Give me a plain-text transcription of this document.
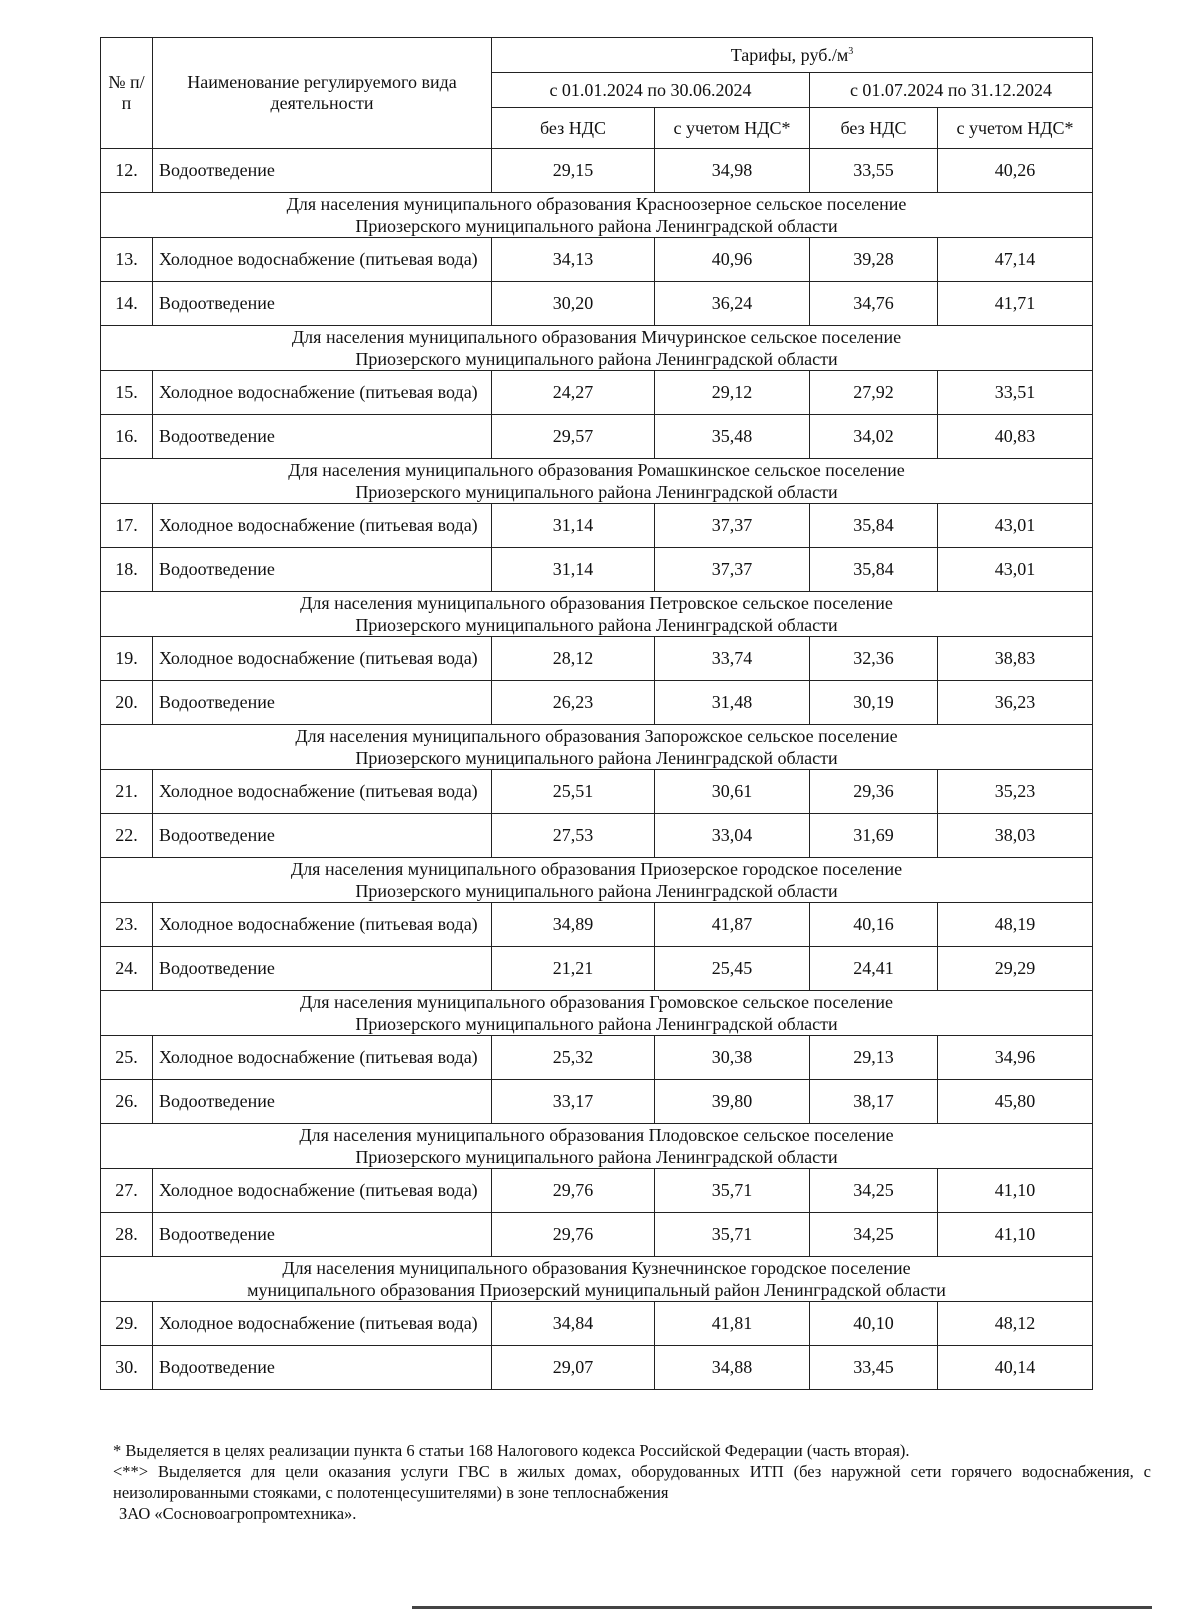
№ п/п	Наименование регулируемого вида деятельности	Тарифы, $руб./м^3$
		с 01.01.2024 по 30.06.2024		с 01.07.2024 по 31.12.2024	
		без НДС	с учетом НДС*	без НДС	с учетом НДС*
12.	Водоотведение	29,15	34,98	33,55	40,26

Для населения муниципального образования Красноозерное сельское поселение
Приозерского муниципального района Ленинградской области					

13.	Холодное водоснабжение (питьевая вода)	34,13	40,96	39,28	47,14
14.	Водоотведение	30,20	36,24	34,76	41,71

Для населения муниципального образования Мичуринское сельское поселение
Приозерского муниципального района Ленинградской области					

15.	Холодное водоснабжение (питьевая вода)	24,27	29,12	27,92	33,51
16.	Водоотведение	29,57	35,48	34,02	40,83

Для населения муниципального образования Ромашкинское сельское поселение
Приозерского муниципального района Ленинградской области					

17.	Холодное водоснабжение (питьевая вода)	31,14	37,37	35,84	43,01
18.	Водоотведение	31,14	37,37	35,84	43,01

Для населения муниципального образования Петровское сельское поселение
Приозерского муниципального района Ленинградской области					

19.	Холодное водоснабжение (питьевая вода)	28,12	33,74	32,36	38,83
20.	Водоотведение	26,23	31,48	30,19	36,23

Для населения муниципального образования Запорожское сельское поселение
Приозерского муниципального района Ленинградской области					

21.	Холодное водоснабжение (питьевая вода)	25,51	30,61	29,36	35,23
22.	Водоотведение	27,53	33,04	31,69	38,03

Для населения муниципального образования Приозерское городское поселение
Приозерского муниципального района Ленинградской области					

23.	Холодное водоснабжение (питьевая вода)	34,89	41,87	40,16	48,19
24.	Водоотведение	21,21	25,45	24,41	29,29

Для населения муниципального образования Громовское сельское поселение
Приозерского муниципального района Ленинградской области					

25.	Холодное водоснабжение (питьевая вода)	25,32	30,38	29,13	34,96
26.	Водоотведение	33,17	39,80	38,17	45,80

Для населения муниципального образования Плодовское сельское поселение
Приозерского муниципального района Ленинградской области					

27.	Холодное водоснабжение (питьевая вода)	29,76	35,71	34,25	41,10
28.	Водоотведение	29,76	35,71	34,25	41,10

Для населения муниципального образования Кузнечнинское городское поселение
муниципального образования Приозерский муниципальный район Ленинградской области					

29.	Холодное водоснабжение (питьевая вода)	34,84	41,81	40,10	48,12
30.	Водоотведение	29,07	34,88	33,45	40,14

* Выделяется в целях реализации пункта 6 статьи 168 Налогового кодекса Российской Федерации (часть вторая).

<**> Выделяется для цели оказания услуги ГВС в жилых домах, оборудованных ИТП (без наружной сети горячего водоснабжения, с неизолированными стояками, с полотенцесушителями) в зоне теплоснабжения

ЗАО «Сосновоагропромтехника».
